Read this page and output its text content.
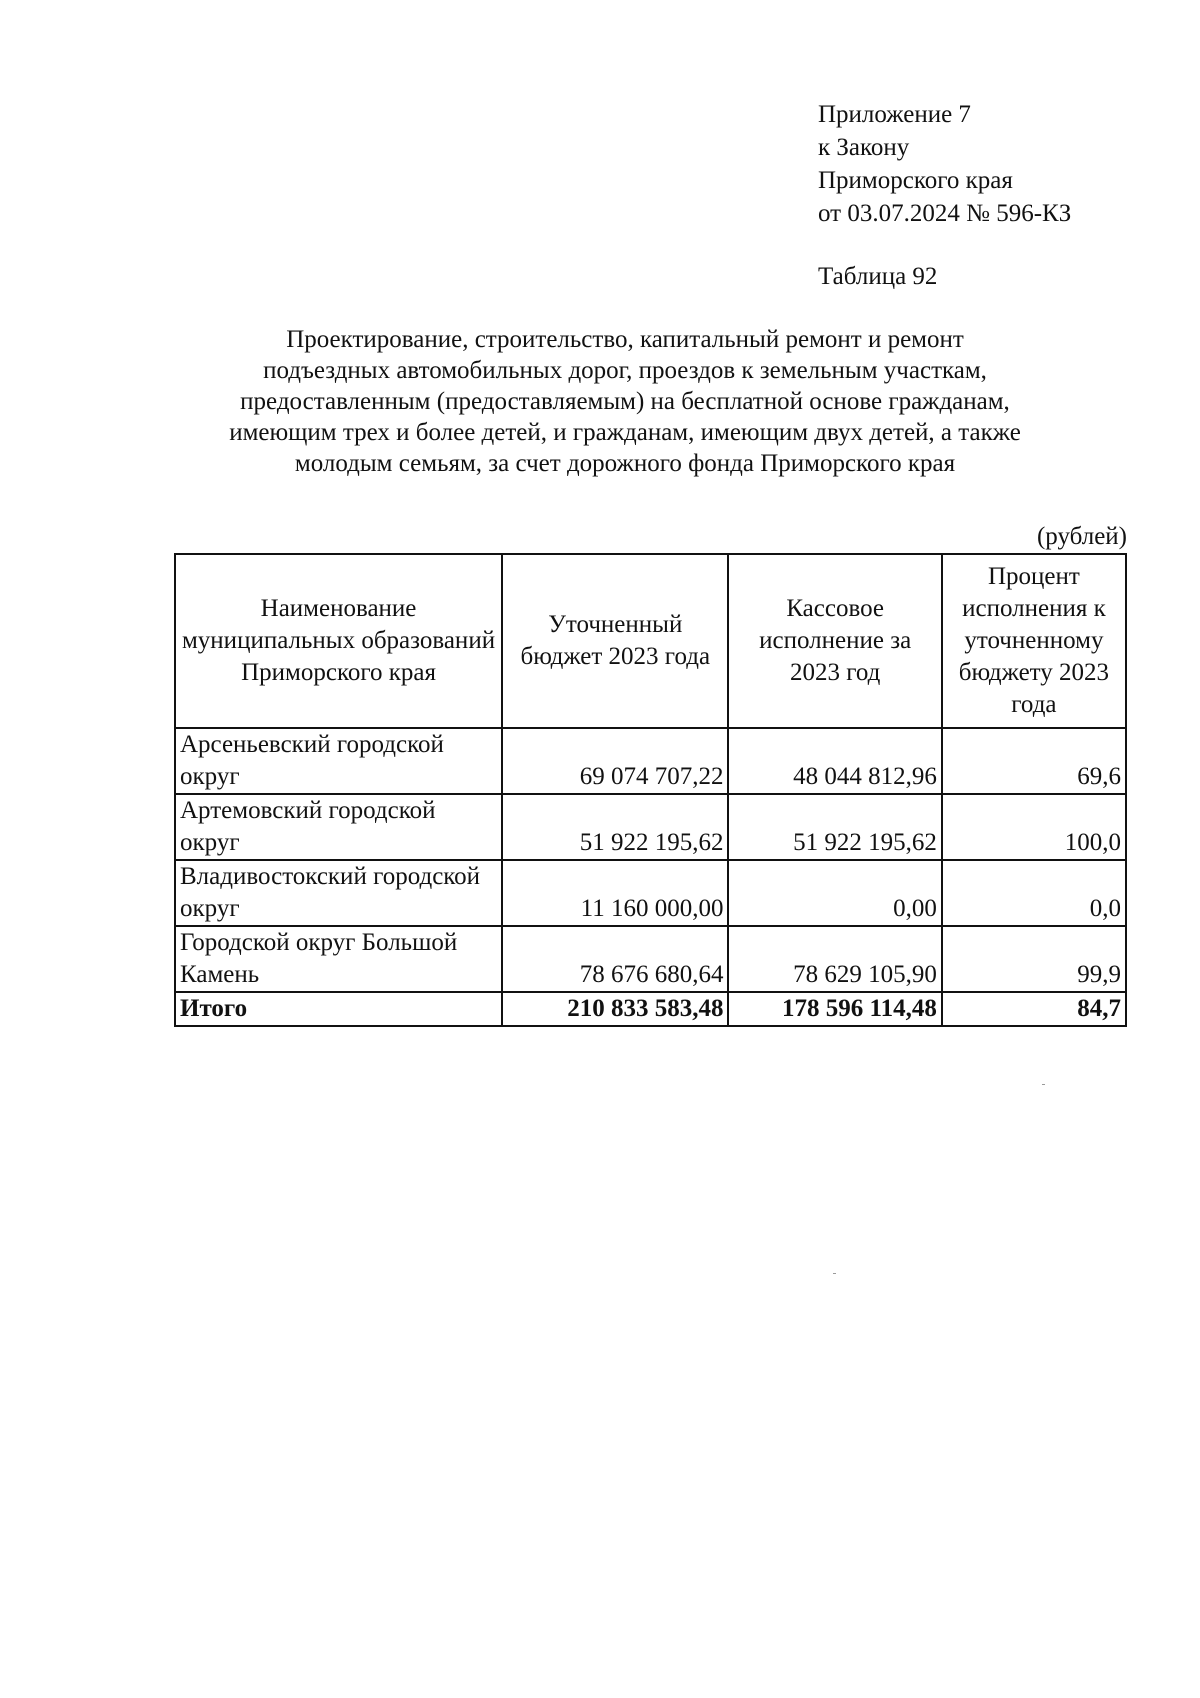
Приложение 7
к Закону
Приморского края
от 03.07.2024 № 596-КЗ
Таблица 92
Проектирование, строительство, капитальный ремонт и ремонт
подъездных автомобильных дорог, проездов к земельным участкам,
предоставленным (предоставляемым) на бесплатной основе гражданам,
имеющим трех и более детей, и гражданам, имеющим двух детей, а также
молодым семьям, за счет дорожного фонда Приморского края
(рублей)
Наименование муниципальных образований Приморского края	Уточненный бюджет 2023 года	Кассовое исполнение за 2023 год	Процент исполнения к уточненному бюджету 2023 года
Арсеньевский городской округ	69 074 707,22	48 044 812,96	69,6
Артемовский городской округ	51 922 195,62	51 922 195,62	100,0
Владивостокский городской округ	11 160 000,00	0,00	0,0
Городской округ Большой Камень	78 676 680,64	78 629 105,90	99,9
Итого	210 833 583,48	178 596 114,48	84,7
